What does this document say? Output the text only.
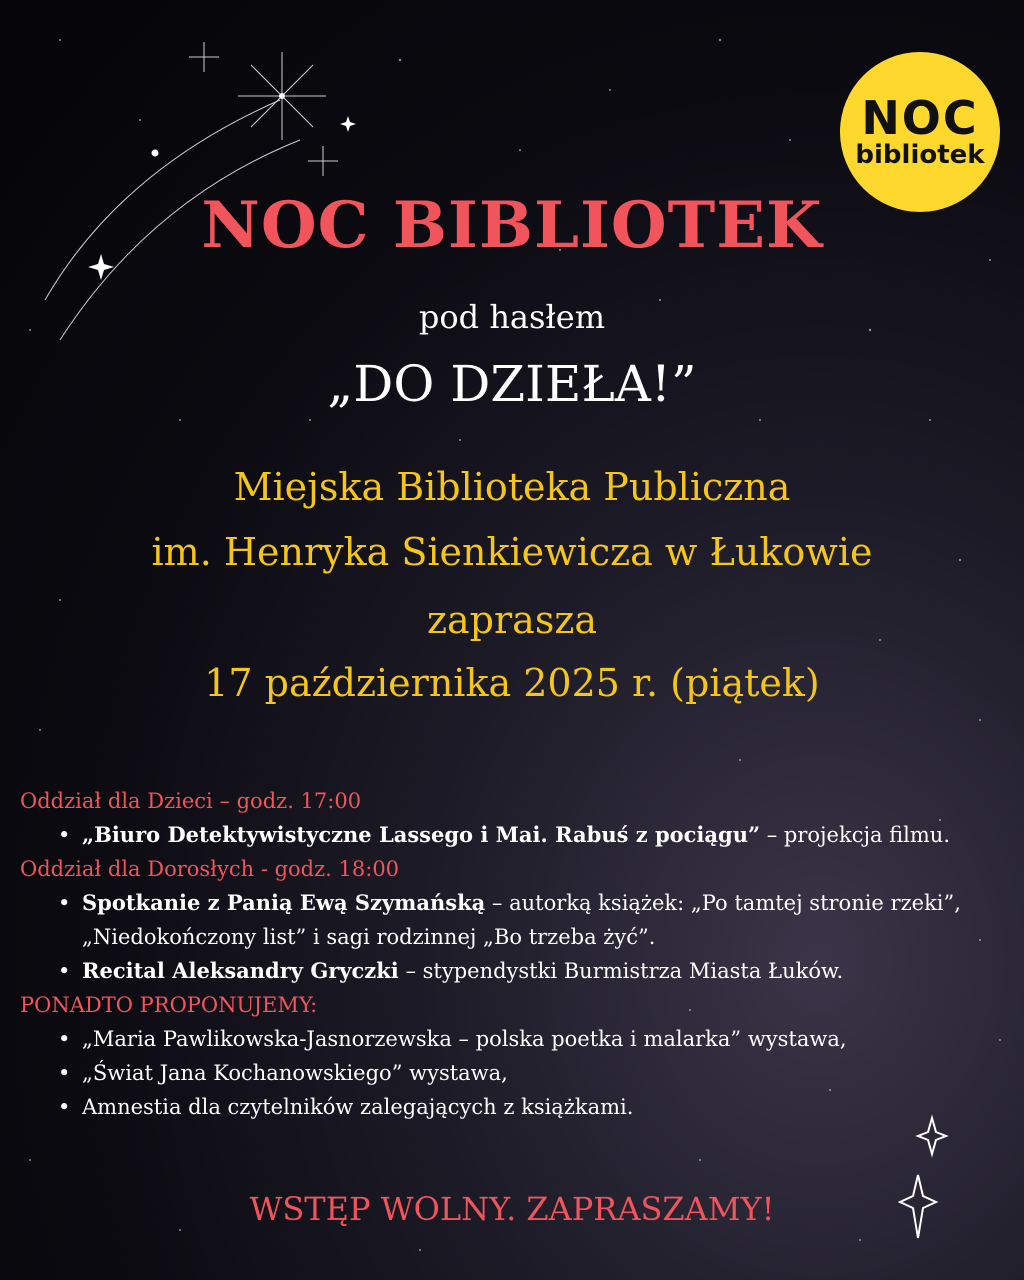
NOC
bibliotek
NOC BIBLIOTEK
pod hasłem
„DO DZIEŁA!”
Miejska Biblioteka Publiczna
im. Henryka Sienkiewicza w Łukowie
zaprasza
17 października 2025 r. (piątek)
Oddział dla Dzieci – godz. 17:00
• „Biuro Detektywistyczne Lassego i Mai. Rabuś z pociągu” – projekcja filmu.
Oddział dla Dorosłych - godz. 18:00
• Spotkanie z Panią Ewą Szymańską – autorką książek: „Po tamtej stronie rzeki”, „Niedokończony list” i sagi rodzinnej „Bo trzeba żyć”.
• Recital Aleksandry Gryczki – stypendystki Burmistrza Miasta Łuków.
PONADTO PROPONUJEMY:
• „Maria Pawlikowska-Jasnorzewska – polska poetka i malarka” wystawa,
• „Świat Jana Kochanowskiego” wystawa,
• Amnestia dla czytelników zalegających z książkami.
WSTĘP WOLNY. ZAPRASZAMY!
